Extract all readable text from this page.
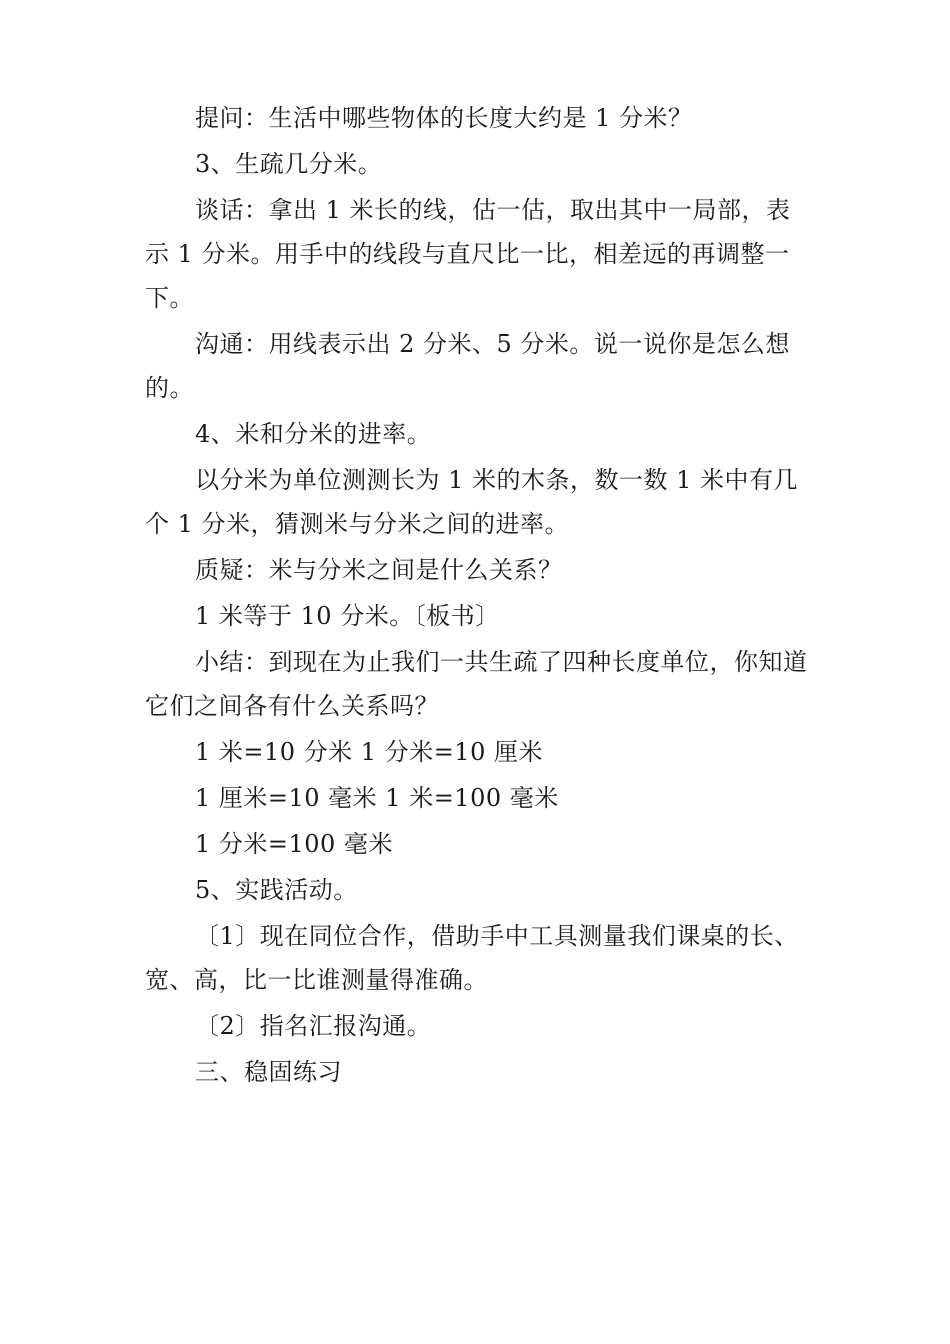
提问：生活中哪些物体的长度大约是 1 分米？

3、生疏几分米。

谈话：拿出 1 米长的线，估一估，取出其中一局部，表示 1 分米。用手中的线段与直尺比一比，相差远的再调整一下。

沟通：用线表示出 2 分米、5 分米。说一说你是怎么想的。

4、米和分米的进率。

以分米为单位测测长为 1 米的木条，数一数 1 米中有几个 1 分米，猜测米与分米之间的进率。

质疑：米与分米之间是什么关系？

1 米等于 10 分米。〔板书〕

小结：到现在为止我们一共生疏了四种长度单位，你知道它们之间各有什么关系吗？

1 米=10 分米 1 分米=10 厘米

1 厘米=10 毫米 1 米=100 毫米

1 分米=100 毫米

5、实践活动。

〔1〕现在同位合作，借助手中工具测量我们课桌的长、宽、高，比一比谁测量得准确。

〔2〕指名汇报沟通。

三、稳固练习
